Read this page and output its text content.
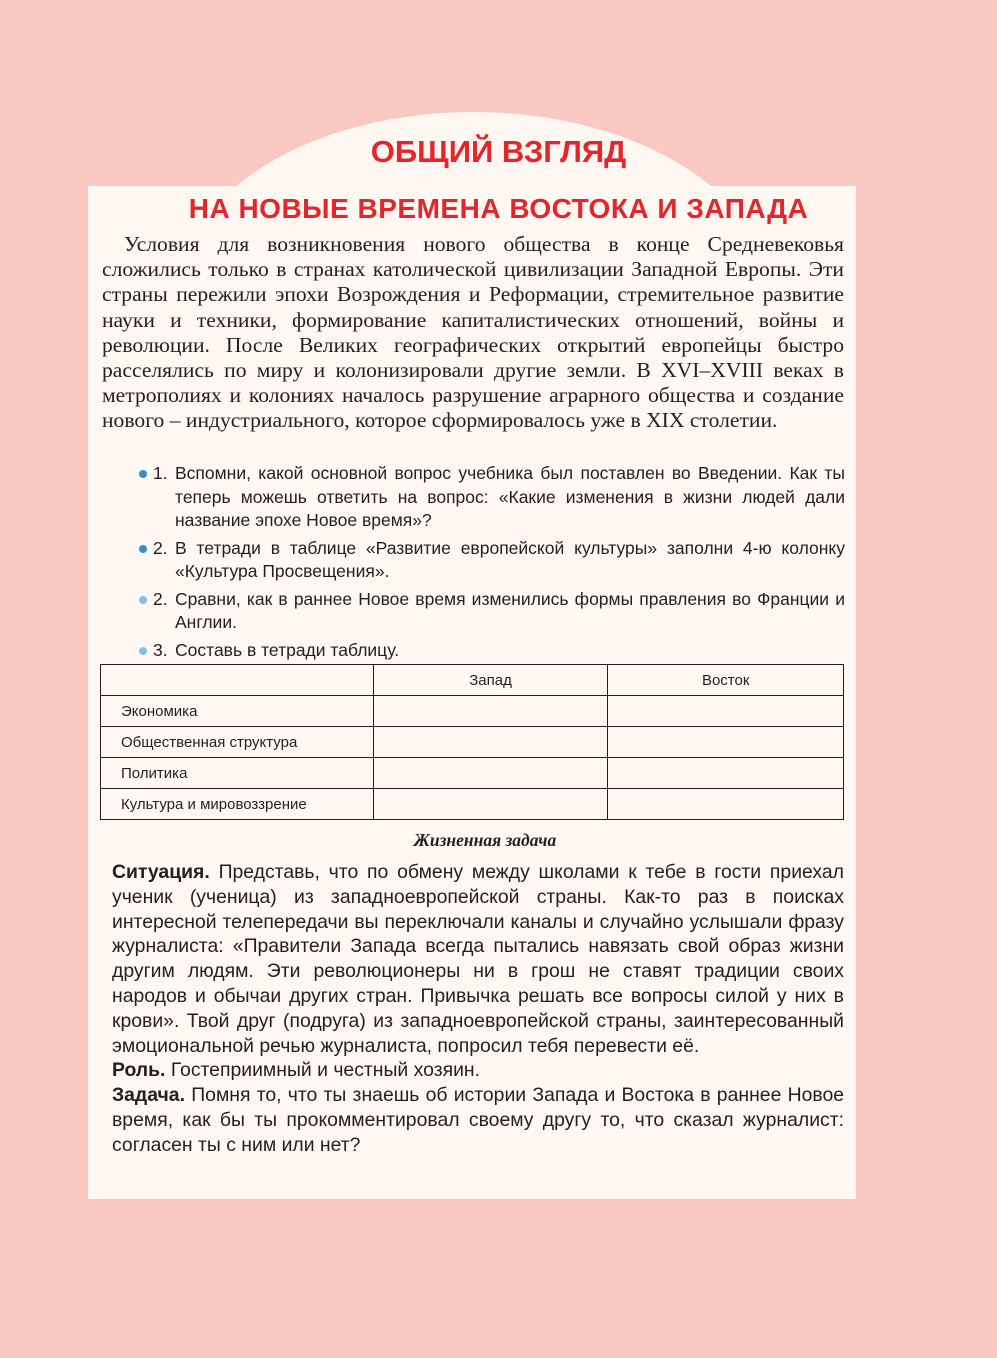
ОБЩИЙ ВЗГЛЯД
НА НОВЫЕ ВРЕМЕНА ВОСТОКА И ЗАПАДА

Условия для возникновения нового общества в конце Средневековья сложились только в странах католической цивилизации Западной Европы. Эти страны пережили эпохи Возрождения и Реформации, стремительное развитие науки и техники, формирование капиталистических отношений, войны и революции. После Великих географических открытий европейцы быстро расселялись по миру и колонизировали другие земли. В XVI–XVIII веках в метрополиях и колониях началось разрушение аграрного общества и создание нового – индустриального, которое сформировалось уже в XIX столетии.

1. Вспомни, какой основной вопрос учебника был поставлен во Введении. Как ты теперь можешь ответить на вопрос: «Какие изменения в жизни людей дали название эпохе Новое время»?
2. В тетради в таблице «Развитие европейской культуры» заполни 4-ю колонку «Культура Просвещения».
2. Сравни, как в раннее Новое время изменились формы правления во Франции и Англии.
3. Составь в тетради таблицу.
	Запад	Восток
Экономика		
Общественная структура		
Политика		
Культура и мировоззрение		
Жизненная задача

Ситуация. Представь, что по обмену между школами к тебе в гости приехал ученик (ученица) из западноевропейской страны. Как-то раз в поисках интересной телепередачи вы переключали каналы и случайно услышали фразу журналиста: «Правители Запада всегда пытались навязать свой образ жизни другим людям. Эти революционеры ни в грош не ставят традиции своих народов и обычаи других стран. Привычка решать все вопросы силой у них в крови». Твой друг (подруга) из западноевропейской страны, заинтересованный эмоциональной речью журналиста, попросил тебя перевести её.

Роль. Гостеприимный и честный хозяин.

Задача. Помня то, что ты знаешь об истории Запада и Востока в раннее Новое время, как бы ты прокомментировал своему другу то, что сказал журналист: согласен ты с ним или нет?
